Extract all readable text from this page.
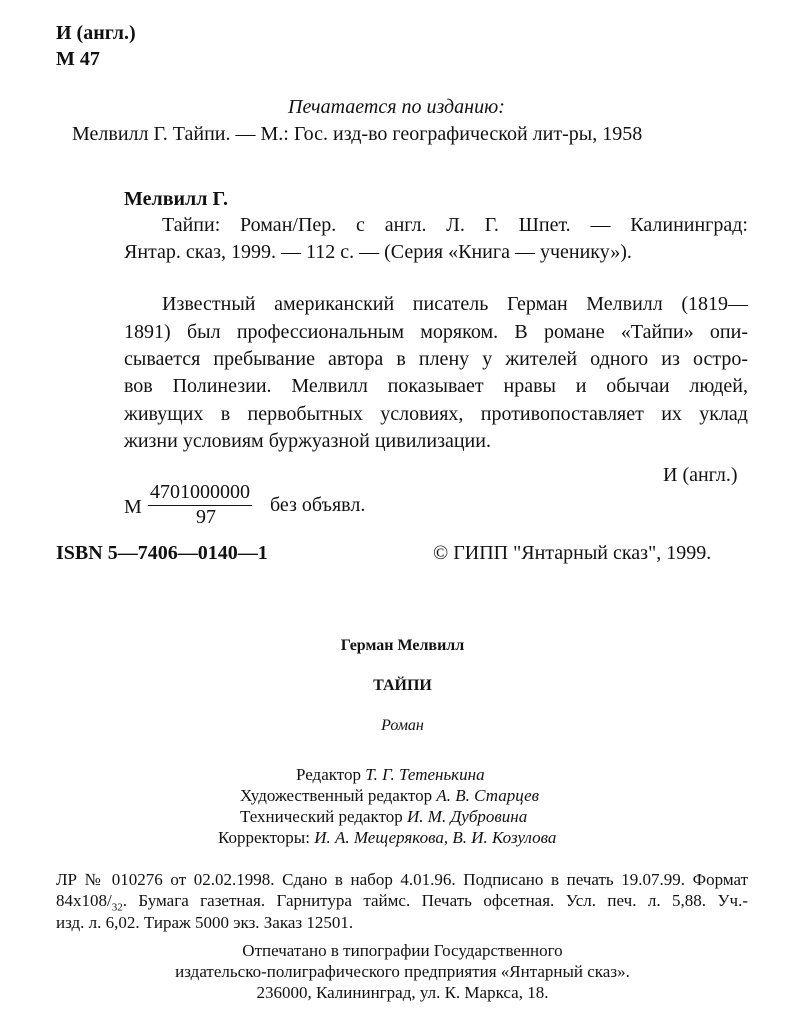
И (англ.)
М 47
Печатается по изданию:
Мелвилл Г. Тайпи. — М.: Гос. изд-во географической лит-ры, 1958
Мелвилл Г.
Тайпи: Роман/Пер. с англ. Л. Г. Шпет. — Калининград:
Янтар. сказ, 1999. — 112 с. — (Серия «Книга — ученику»).
Известный американский писатель Герман Мелвилл (1819—
1891) был профессиональным моряком. В романе «Тайпи» опи-
сывается пребывание автора в плену у жителей одного из остро-
вов Полинезии. Мелвилл показывает нравы и обычаи людей,
живущих в первобытных условиях, противопоставляет их уклад
жизни условиям буржуазной цивилизации.
И (англ.)
М
4701000000
97
без объявл.
ISBN 5—7406—0140—1	© ГИПП "Янтарный сказ", 1999.
Герман Мелвилл
ТАЙПИ
Роман
Редактор Т. Г. Тетенькина
Художественный редактор А. В. Старцев
Технический редактор И. М. Дубровина
Корректоры: И. А. Мещерякова, В. И. Козулова
ЛР № 010276 от 02.02.1998. Сдано в набор 4.01.96. Подписано в печать 19.07.99. Формат
$84x108/_{32}$. Бумага газетная. Гарнитура таймс. Печать офсетная. Усл. печ. л. 5,88. Уч.-
изд. л. 6,02. Тираж 5000 экз. Заказ 12501.
Отпечатано в типографии Государственного
издательско-полиграфического предприятия «Янтарный сказ».
236000, Калининград, ул. К. Маркса, 18.
